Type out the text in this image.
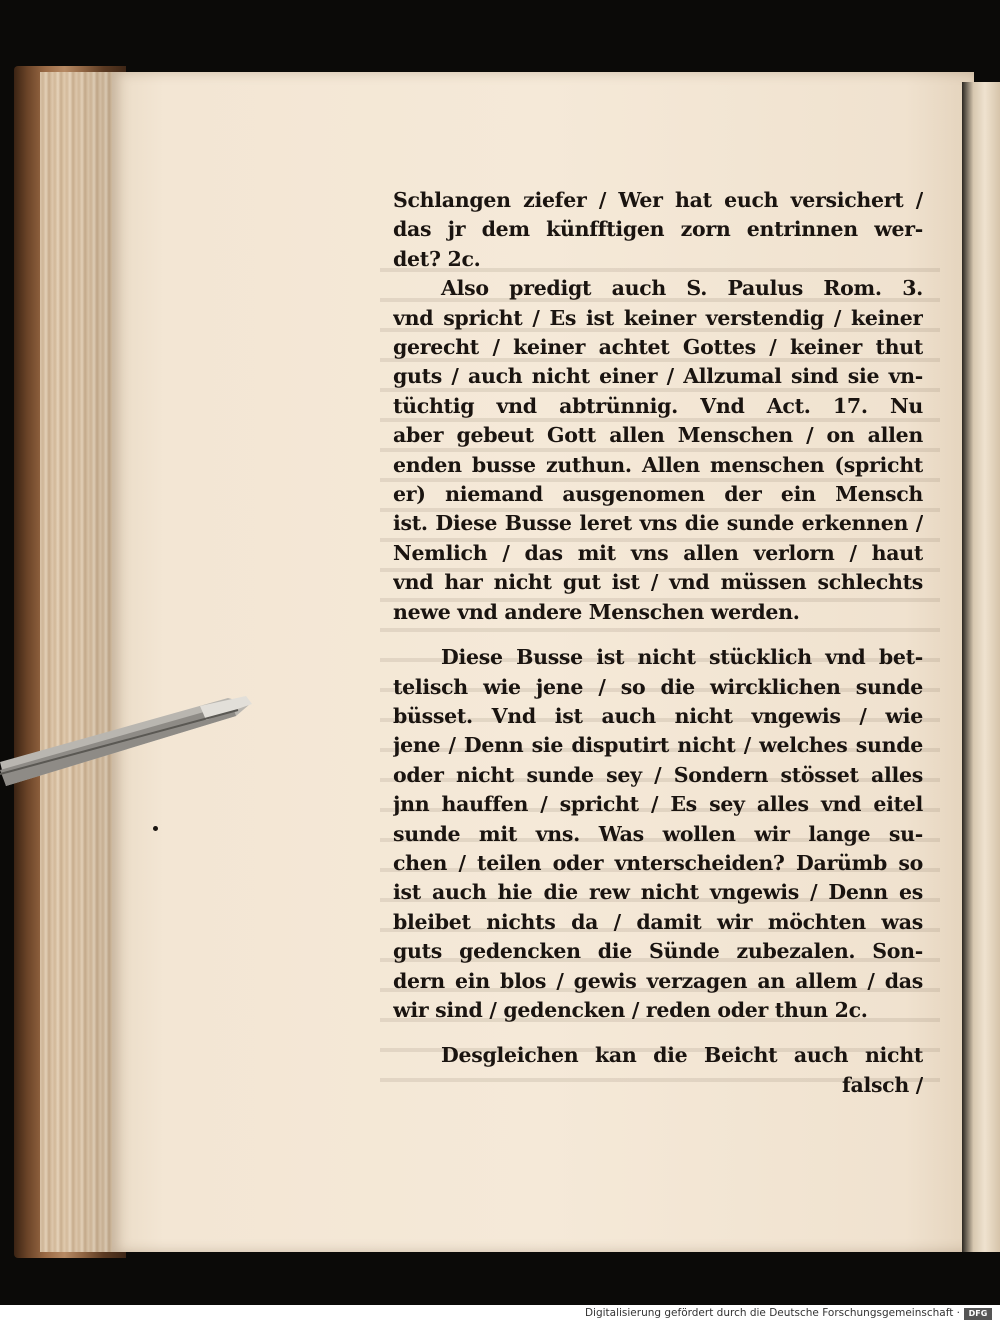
Schlangen ziefer / Wer hat euch versichert /
das jr dem künfftigen zorn entrinnen wer-
det? 2c.
Also predigt auch S. Paulus Rom. 3.
vnd spricht / Es ist keiner verstendig / keiner
gerecht / keiner achtet Gottes / keiner thut
guts / auch nicht einer / Allzumal sind sie vn-
tüchtig vnd abtrünnig. Vnd Act. 17. Nu
aber gebeut Gott allen Menschen / on allen
enden busse zuthun. Allen menschen (spricht
er) niemand ausgenomen der ein Mensch
ist. Diese Busse leret vns die sunde erkennen /
Nemlich / das mit vns allen verlorn / haut
vnd har nicht gut ist / vnd müssen schlechts
newe vnd andere Menschen werden.
Diese Busse ist nicht stücklich vnd bet-
telisch wie jene / so die wircklichen sunde
büsset. Vnd ist auch nicht vngewis / wie
jene / Denn sie disputirt nicht / welches sunde
oder nicht sunde sey / Sondern stösset alles
jnn hauffen / spricht / Es sey alles vnd eitel
sunde mit vns. Was wollen wir lange su-
chen / teilen oder vnterscheiden? Darümb so
ist auch hie die rew nicht vngewis / Denn es
bleibet nichts da / damit wir möchten was
guts gedencken die Sünde zubezalen. Son-
dern ein blos / gewis verzagen an allem / das
wir sind / gedencken / reden oder thun 2c.
Desgleichen kan die Beicht auch nicht
falsch /
Digitalisierung gefördert durch die Deutsche Forschungsgemeinschaft ·	DFG
